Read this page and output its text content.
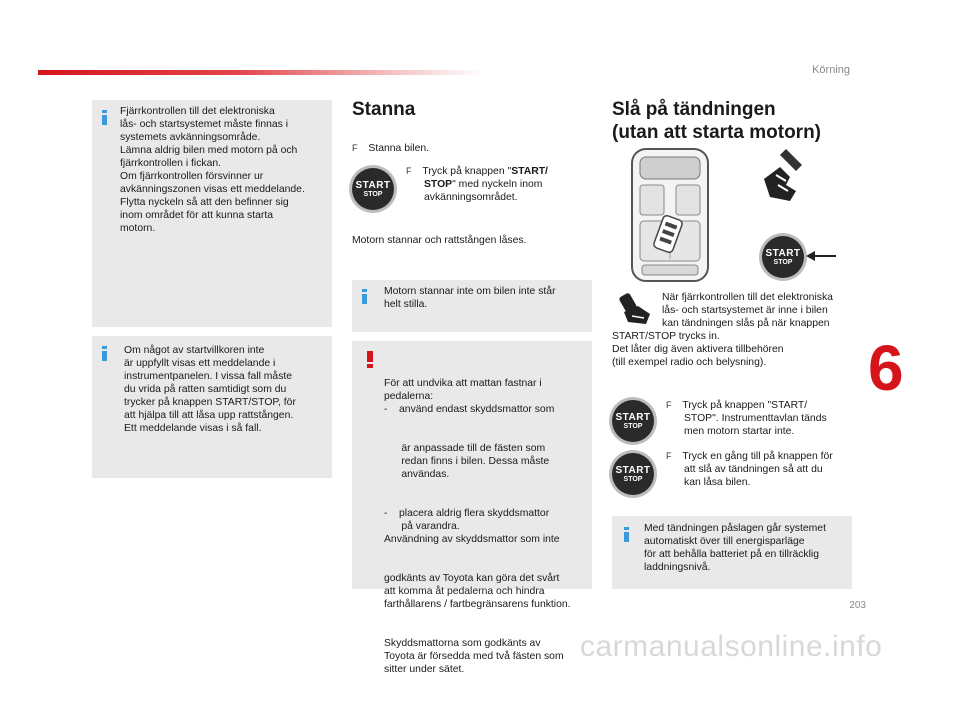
Körning
6
203
Fjärrkontrollen till det elektroniska
lås- och startsystemet måste finnas i
systemets avkänningsområde.
Lämna aldrig bilen med motorn på och
fjärrkontrollen i fickan.
Om fjärrkontrollen försvinner ur
avkänningszonen visas ett meddelande.
Flytta nyckeln så att den befinner sig
inom området för att kunna starta
motorn.
Om något av startvillkoren inte
är uppfyllt visas ett meddelande i
instrumentpanelen. I vissa fall måste
du vrida på ratten samtidigt som du
trycker på knappen START/STOP, för
att hjälpa till att låsa upp rattstången.
Ett meddelande visas i så fall.
Stanna
F Stanna bilen.
START
STOP
F Tryck på knappen "START/
STOP" med nyckeln inom
avkänningsområdet.
Motorn stannar och rattstången låses.
Motorn stannar inte om bilen inte står
helt stilla.

För att undvika att mattan fastnar i
pedalerna:
-    använd endast skyddsmattor som

är anpassade till de fästen som
redan finns i bilen. Dessa måste
användas.

-    placera aldrig flera skyddsmattor
på varandra.
Användning av skyddsmattor som inte

godkänts av Toyota kan göra det svårt
att komma åt pedalerna och hindra
farthållarens / fartbegränsarens funktion.

Skyddsmattorna som godkänts av
Toyota är försedda med två fästen som
sitter under sätet.

Slå på tändningen
(utan att starta motorn)
START
STOP
När fjärrkontrollen till det elektroniska
lås- och startsystemet är inne i bilen
kan tändningen slås på när knappen
START/STOP trycks in.
Det låter dig även aktivera tillbehören
(till exempel radio och belysning).
START
STOP
F Tryck på knappen "START/
STOP". Instrumenttavlan tänds
men motorn startar inte.
START
STOP
F Tryck en gång till på knappen för
att slå av tändningen så att du
kan låsa bilen.
Med tändningen påslagen går systemet
automatiskt över till energisparläge
för att behålla batteriet på en tillräcklig
laddningsnivå.
carmanualsonline.info
